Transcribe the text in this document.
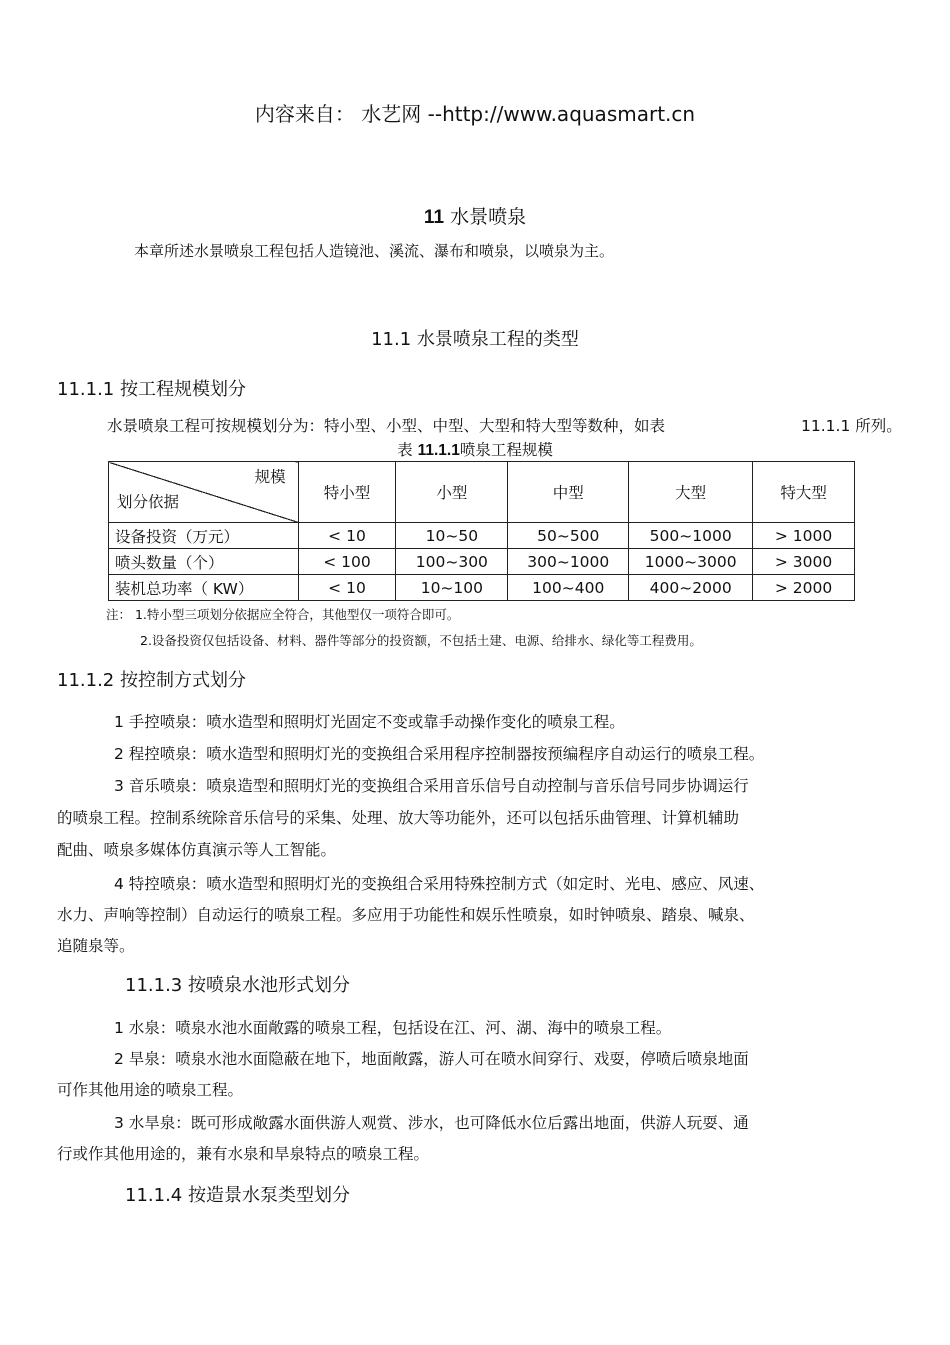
内容来自： 水艺网 --http://www.aquasmart.cn
11 水景喷泉
本章所述水景喷泉工程包括人造镜池、溪流、瀑布和喷泉，以喷泉为主。
11.1 水景喷泉工程的类型
11.1.1 按工程规模划分
水景喷泉工程可按规模划分为：特小型、小型、中型、大型和特大型等数种，如表	11.1.1 所列。
表 11.1.1喷泉工程规模
规模
划分依据	特小型	小型	中型	大型	特大型
设备投资（万元）	< 10	10~50	50~500	500~1000	> 1000
喷头数量（个）	< 100	100~300	300~1000	1000~3000	> 3000
装机总功率（ KW）	< 10	10~100	100~400	400~2000	> 2000
注： 1.特小型三项划分依据应全符合，其他型仅一项符合即可。
2.设备投资仅包括设备、材料、器件等部分的投资额，不包括土建、电源、给排水、绿化等工程费用。
11.1.2 按控制方式划分
1 手控喷泉：喷水造型和照明灯光固定不变或靠手动操作变化的喷泉工程。
2 程控喷泉：喷水造型和照明灯光的变换组合采用程序控制器按预编程序自动运行的喷泉工程。
3 音乐喷泉：喷泉造型和照明灯光的变换组合采用音乐信号自动控制与音乐信号同步协调运行
的喷泉工程。控制系统除音乐信号的采集、处理、放大等功能外，还可以包括乐曲管理、计算机辅助
配曲、喷泉多媒体仿真演示等人工智能。
4 特控喷泉：喷水造型和照明灯光的变换组合采用特殊控制方式（如定时、光电、感应、风速、
水力、声响等控制）自动运行的喷泉工程。多应用于功能性和娱乐性喷泉，如时钟喷泉、踏泉、喊泉、
追随泉等。
11.1.3 按喷泉水池形式划分
1 水泉：喷泉水池水面敞露的喷泉工程，包括设在江、河、湖、海中的喷泉工程。
2 旱泉：喷泉水池水面隐蔽在地下，地面敞露，游人可在喷水间穿行、戏耍，停喷后喷泉地面
可作其他用途的喷泉工程。
3 水旱泉：既可形成敞露水面供游人观赏、涉水，也可降低水位后露出地面，供游人玩耍、通
行或作其他用途的，兼有水泉和旱泉特点的喷泉工程。
11.1.4 按造景水泵类型划分
